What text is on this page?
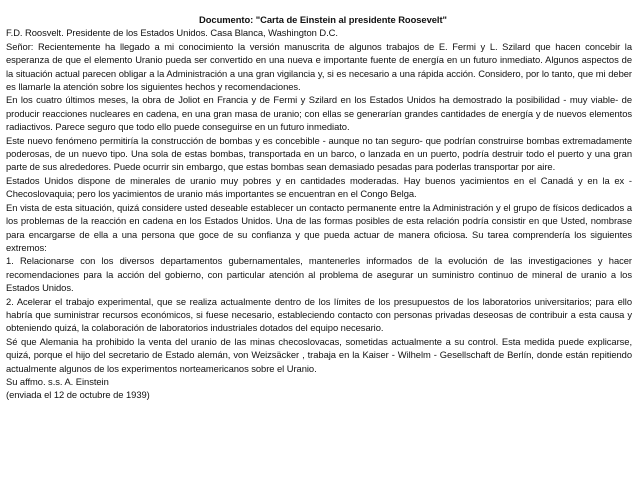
Documento: "Carta de Einstein al presidente Roosevelt"
F.D. Roosvelt. Presidente de los Estados Unidos. Casa Blanca, Washington D.C.
Señor: Recientemente ha llegado a mi conocimiento la versión manuscrita de algunos trabajos de E. Fermi y L. Szilard que hacen concebir la esperanza de que el elemento Uranio pueda ser convertido en una nueva e importante fuente de energía en un futuro inmediato. Algunos aspectos de la situación actual parecen obligar a la Administración a una gran vigilancia y, si es necesario a una rápida acción. Considero, por lo tanto, que mi deber es llamarle la atención sobre los siguientes hechos y recomendaciones.
En los cuatro últimos meses, la obra de Joliot en Francia y de Fermi y Szilard en los Estados Unidos ha demostrado la posibilidad - muy viable- de producir reacciones nucleares en cadena, en una gran masa de uranio; con ellas se generarían grandes cantidades de energía y de nuevos elementos radiactivos. Parece seguro que todo ello puede conseguirse en un futuro inmediato.
Este nuevo fenómeno permitiría la construcción de bombas y es concebible - aunque no tan seguro- que podrían construirse bombas extremadamente poderosas, de un nuevo tipo. Una sola de estas bombas, transportada en un barco, o lanzada en un puerto, podría destruir todo el puerto y una gran parte de sus alrededores. Puede ocurrir sin embargo, que estas bombas sean demasiado pesadas para poderlas transportar por aire.
Estados Unidos dispone de minerales de uranio muy pobres y en cantidades moderadas. Hay buenos yacimientos en el Canadá y en la ex - Checoslovaquia; pero los yacimientos de uranio más importantes se encuentran en el Congo Belga.
En vista de esta situación, quizá considere usted deseable establecer un contacto permanente entre la Administración y el grupo de físicos dedicados a los problemas de la reacción en cadena en los Estados Unidos. Una de las formas posibles de esta relación podría consistir en que Usted, nombrase para encargarse de ella a una persona que goce de su confianza y que pueda actuar de manera oficiosa. Su tarea comprendería los siguientes extremos:
1. Relacionarse con los diversos departamentos gubernamentales, mantenerles informados de la evolución de las investigaciones y hacer recomendaciones para la acción del gobierno, con particular atención al problema de asegurar un suministro continuo de mineral de uranio a los Estados Unidos.
2. Acelerar el trabajo experimental, que se realiza actualmente dentro de los límites de los presupuestos de los laboratorios universitarios; para ello habría que suministrar recursos económicos, si fuese necesario, estableciendo contacto con personas privadas deseosas de contribuir a esta causa y obteniendo quizá, la colaboración de laboratorios industriales dotados del equipo necesario.
Sé que Alemania ha prohibido la venta del uranio de las minas checoslovacas, sometidas actualmente a su control. Esta medida puede explicarse, quizá, porque el hijo del secretario de Estado alemán, von Weizsäcker , trabaja en la Kaiser - Wilhelm - Gesellschaft de Berlín, donde están repitiendo actualmente algunos de los experimentos norteamericanos sobre el Uranio.
Su affmo. s.s. A. Einstein
(enviada el 12 de octubre de 1939)
